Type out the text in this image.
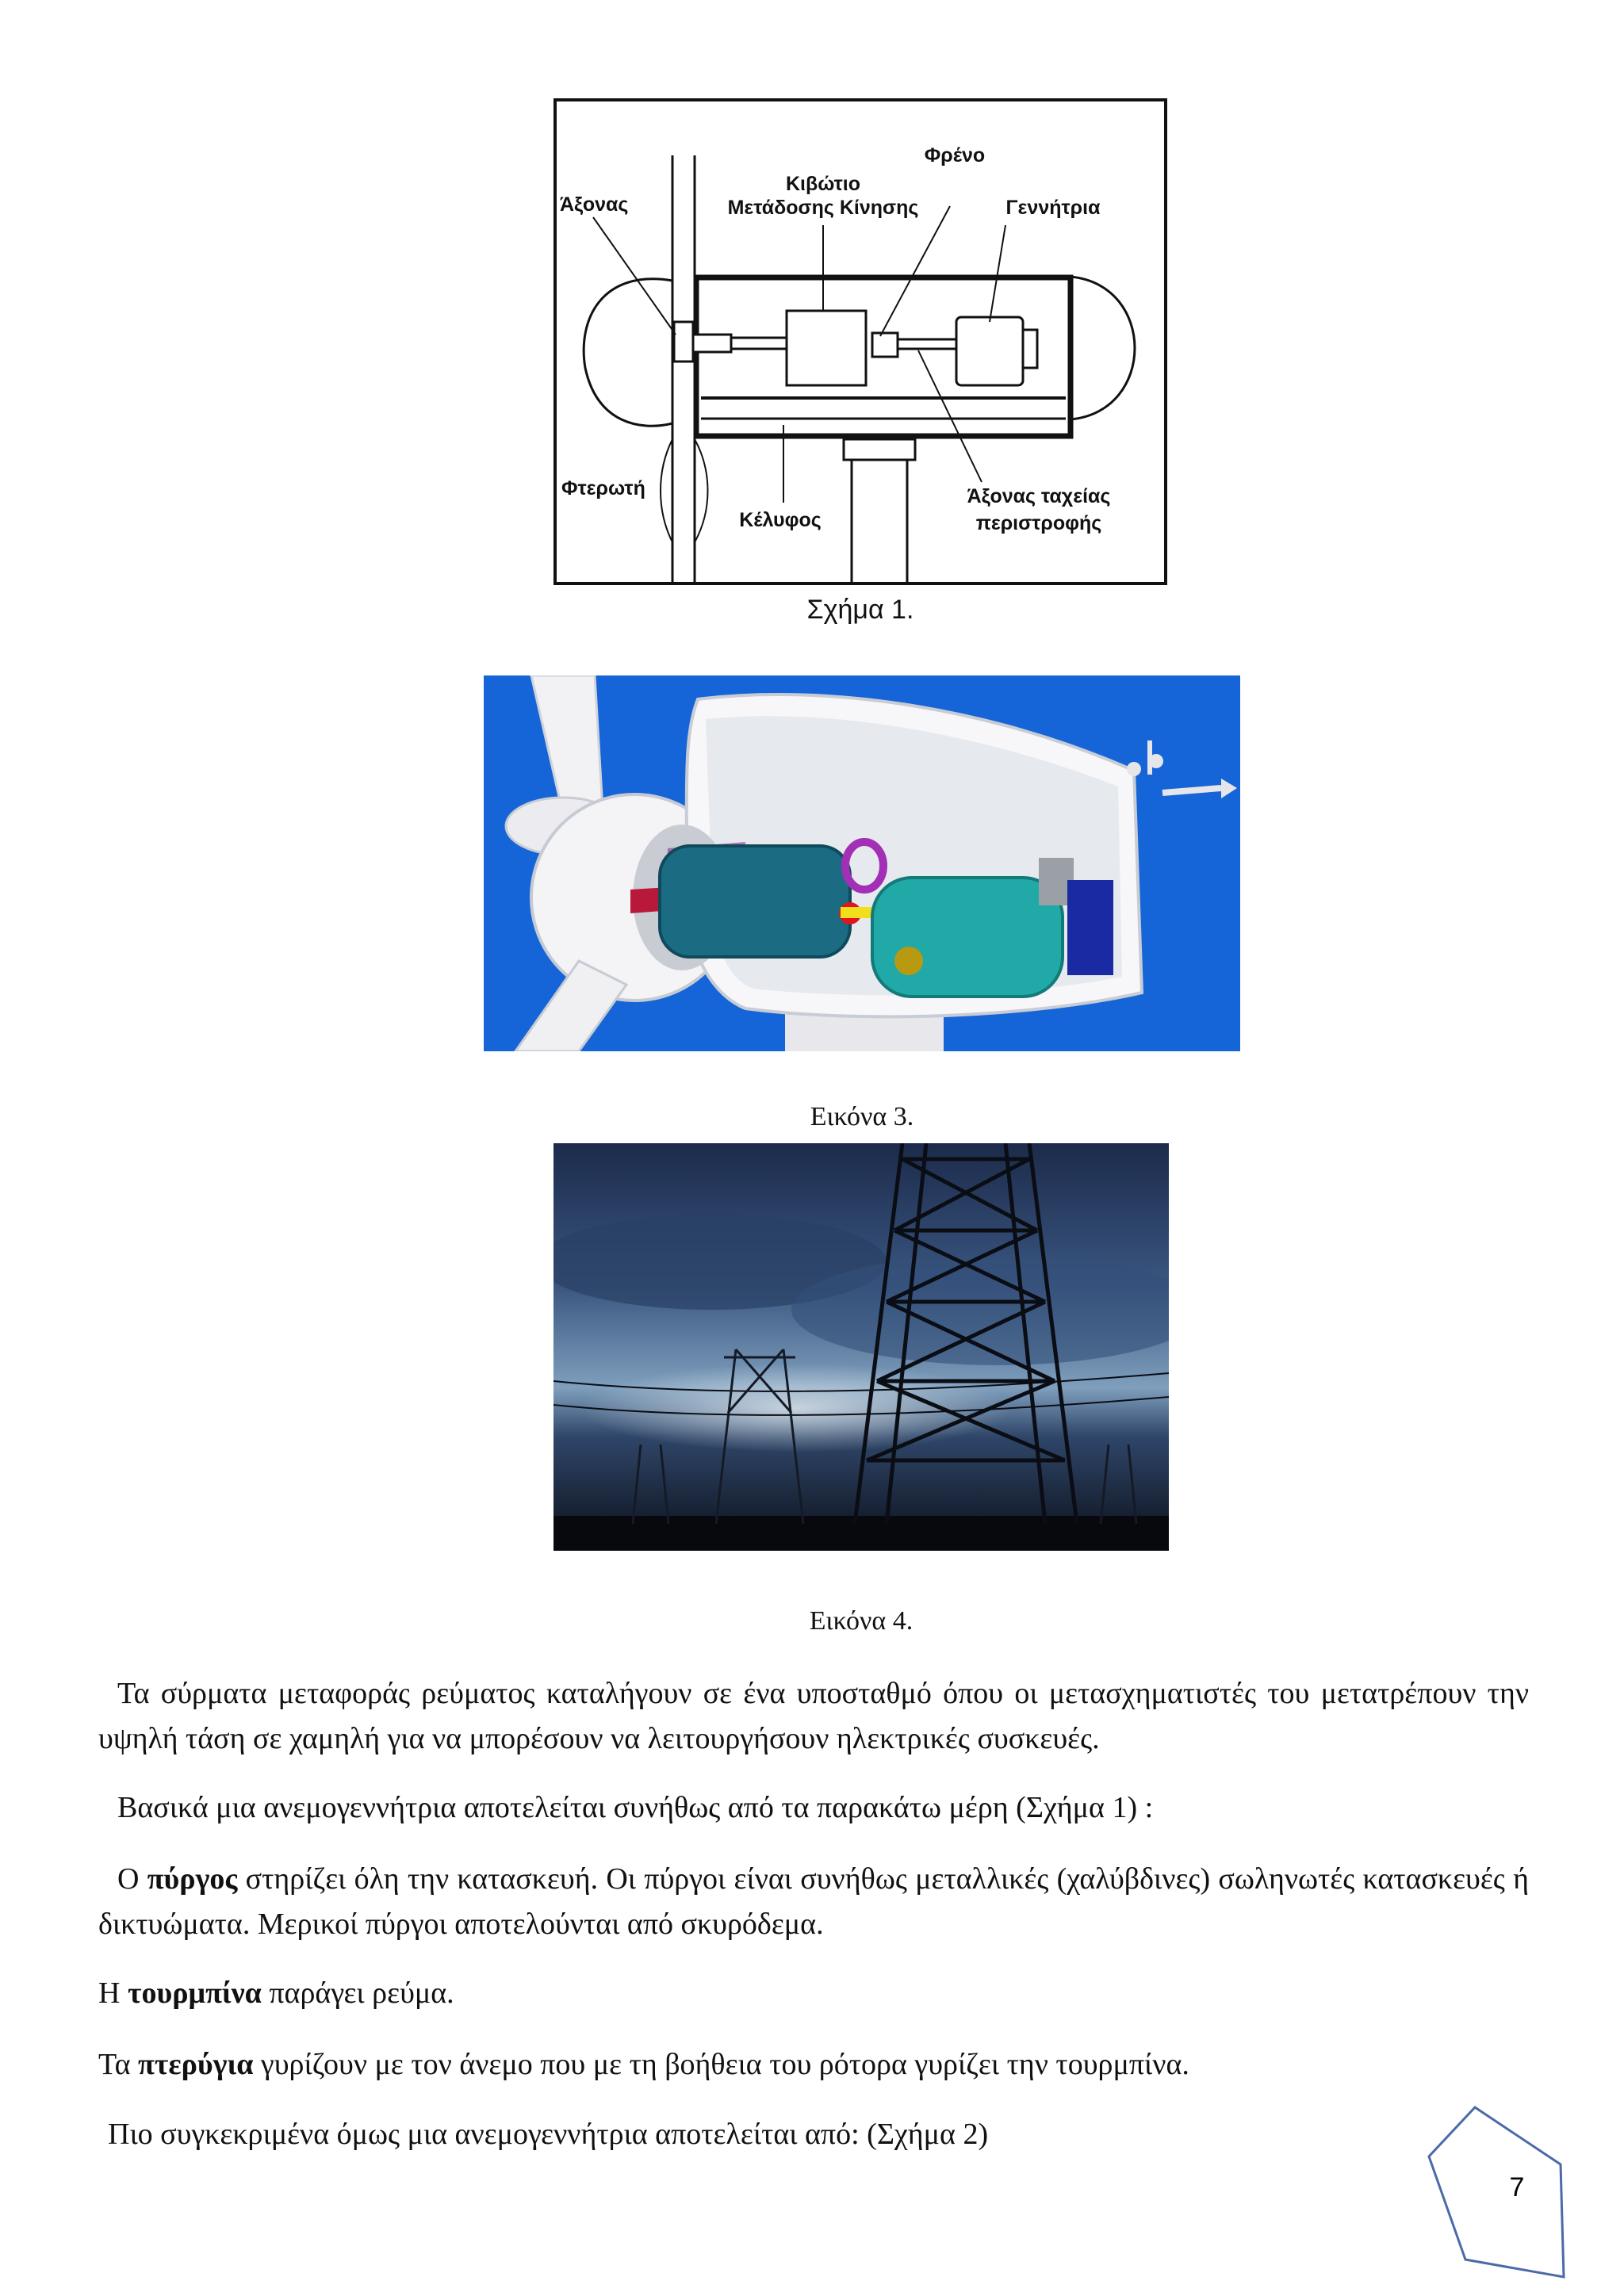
Άξονας
Κιβώτιο
Μετάδοσης Κίνησης
Φρένο
Γεννήτρια
Φτερωτή
Κέλυφος
Άξονας ταχείας
περιστροφής
Σχήμα 1.
Εικόνα 3.
Εικόνα 4.
Τα σύρματα μεταφοράς ρεύματος καταλήγουν σε ένα υποσταθμό όπου οι μετασχηματιστές του μετατρέπουν την υψηλή τάση σε χαμηλή για να μπορέσουν να λειτουργήσουν ηλεκτρικές συσκευές.
Βασικά μια ανεμογεννήτρια αποτελείται συνήθως από τα παρακάτω μέρη (Σχήμα 1) :
Ο πύργος στηρίζει όλη την κατασκευή. Οι πύργοι είναι συνήθως μεταλλικές (χαλύβδινες) σωληνωτές κατασκευές ή δικτυώματα. Μερικοί πύργοι αποτελούνται από σκυρόδεμα.
Η τουρμπίνα παράγει ρεύμα.
Τα πτερύγια γυρίζουν με τον άνεμο που με τη βοήθεια του ρότορα γυρίζει την τουρμπίνα.
Πιο συγκεκριμένα όμως μια ανεμογεννήτρια αποτελείται από: (Σχήμα 2)
7
